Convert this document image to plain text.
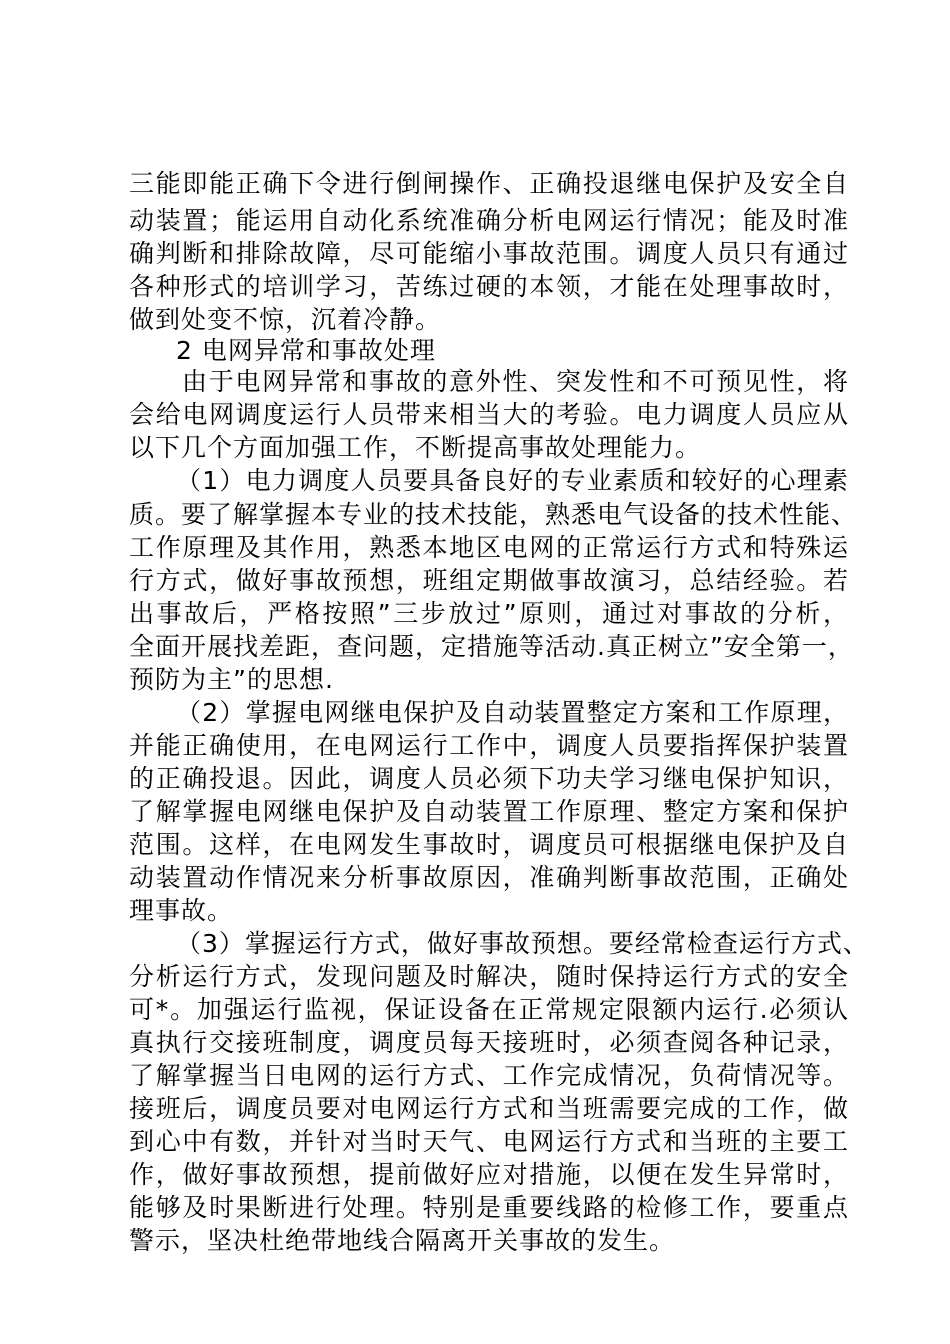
三能即能正确下令进行倒闸操作、正确投退继电保护及安全自
动装置；能运用自动化系统准确分析电网运行情况；能及时准
确判断和排除故障，尽可能缩小事故范围。调度人员只有通过
各种形式的培训学习，苦练过硬的本领，才能在处理事故时，
做到处变不惊，沉着冷静。
2 电网异常和事故处理
由于电网异常和事故的意外性、突发性和不可预见性，将
会给电网调度运行人员带来相当大的考验。电力调度人员应从
以下几个方面加强工作，不断提高事故处理能力。
（1）电力调度人员要具备良好的专业素质和较好的心理素
质。要了解掌握本专业的技术技能，熟悉电气设备的技术性能、
工作原理及其作用，熟悉本地区电网的正常运行方式和特殊运
行方式，做好事故预想，班组定期做事故演习，总结经验。若
出事故后，严格按照”三步放过”原则，通过对事故的分析，
全面开展找差距，查问题，定措施等活动.真正树立”安全第一，
预防为主”的思想.
（2）掌握电网继电保护及自动装置整定方案和工作原理，
并能正确使用，在电网运行工作中，调度人员要指挥保护装置
的正确投退。因此，调度人员必须下功夫学习继电保护知识，
了解掌握电网继电保护及自动装置工作原理、整定方案和保护
范围。这样，在电网发生事故时，调度员可根据继电保护及自
动装置动作情况来分析事故原因，准确判断事故范围，正确处
理事故。
（3）掌握运行方式，做好事故预想。要经常检查运行方式、
分析运行方式，发现问题及时解决，随时保持运行方式的安全
可*。加强运行监视，保证设备在正常规定限额内运行.必须认
真执行交接班制度，调度员每天接班时，必须查阅各种记录，
了解掌握当日电网的运行方式、工作完成情况，负荷情况等。
接班后，调度员要对电网运行方式和当班需要完成的工作，做
到心中有数，并针对当时天气、电网运行方式和当班的主要工
作，做好事故预想，提前做好应对措施，以便在发生异常时，
能够及时果断进行处理。特别是重要线路的检修工作，要重点
警示，坚决杜绝带地线合隔离开关事故的发生。
